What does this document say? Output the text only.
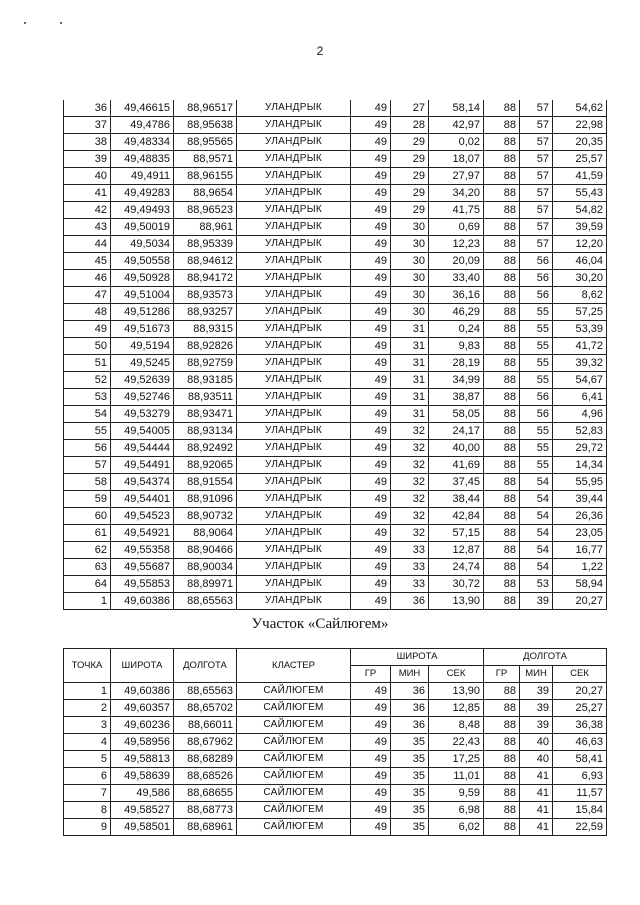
2
36	49,46615	88,96517	УЛАНДРЫК	49	27	58,14	88	57	54,62
37	49,4786	88,95638	УЛАНДРЫК	49	28	42,97	88	57	22,98
38	49,48334	88,95565	УЛАНДРЫК	49	29	0,02	88	57	20,35
39	49,48835	88,9571	УЛАНДРЫК	49	29	18,07	88	57	25,57
40	49,4911	88,96155	УЛАНДРЫК	49	29	27,97	88	57	41,59
41	49,49283	88,9654	УЛАНДРЫК	49	29	34,20	88	57	55,43
42	49,49493	88,96523	УЛАНДРЫК	49	29	41,75	88	57	54,82
43	49,50019	88,961	УЛАНДРЫК	49	30	0,69	88	57	39,59
44	49,5034	88,95339	УЛАНДРЫК	49	30	12,23	88	57	12,20
45	49,50558	88,94612	УЛАНДРЫК	49	30	20,09	88	56	46,04
46	49,50928	88,94172	УЛАНДРЫК	49	30	33,40	88	56	30,20
47	49,51004	88,93573	УЛАНДРЫК	49	30	36,16	88	56	8,62
48	49,51286	88,93257	УЛАНДРЫК	49	30	46,29	88	55	57,25
49	49,51673	88,9315	УЛАНДРЫК	49	31	0,24	88	55	53,39
50	49,5194	88,92826	УЛАНДРЫК	49	31	9,83	88	55	41,72
51	49,5245	88,92759	УЛАНДРЫК	49	31	28,19	88	55	39,32
52	49,52639	88,93185	УЛАНДРЫК	49	31	34,99	88	55	54,67
53	49,52746	88,93511	УЛАНДРЫК	49	31	38,87	88	56	6,41
54	49,53279	88,93471	УЛАНДРЫК	49	31	58,05	88	56	4,96
55	49,54005	88,93134	УЛАНДРЫК	49	32	24,17	88	55	52,83
56	49,54444	88,92492	УЛАНДРЫК	49	32	40,00	88	55	29,72
57	49,54491	88,92065	УЛАНДРЫК	49	32	41,69	88	55	14,34
58	49,54374	88,91554	УЛАНДРЫК	49	32	37,45	88	54	55,95
59	49,54401	88,91096	УЛАНДРЫК	49	32	38,44	88	54	39,44
60	49,54523	88,90732	УЛАНДРЫК	49	32	42,84	88	54	26,36
61	49,54921	88,9064	УЛАНДРЫК	49	32	57,15	88	54	23,05
62	49,55358	88,90466	УЛАНДРЫК	49	33	12,87	88	54	16,77
63	49,55687	88,90034	УЛАНДРЫК	49	33	24,74	88	54	1,22
64	49,55853	88,89971	УЛАНДРЫК	49	33	30,72	88	53	58,94
1	49,60386	88,65563	УЛАНДРЫК	49	36	13,90	88	39	20,27
Участок «Сайлюгем»
ТОЧКА	ШИРОТА	ДОЛГОТА	КЛАСТЕР	ШИРОТА			ДОЛГОТА		
				ГР	МИН	СЕК	ГР	МИН	СЕК
1	49,60386	88,65563	САЙЛЮГЕМ	49	36	13,90	88	39	20,27
2	49,60357	88,65702	САЙЛЮГЕМ	49	36	12,85	88	39	25,27
3	49,60236	88,66011	САЙЛЮГЕМ	49	36	8,48	88	39	36,38
4	49,58956	88,67962	САЙЛЮГЕМ	49	35	22,43	88	40	46,63
5	49,58813	88,68289	САЙЛЮГЕМ	49	35	17,25	88	40	58,41
6	49,58639	88,68526	САЙЛЮГЕМ	49	35	11,01	88	41	6,93
7	49,586	88,68655	САЙЛЮГЕМ	49	35	9,59	88	41	11,57
8	49,58527	88,68773	САЙЛЮГЕМ	49	35	6,98	88	41	15,84
9	49,58501	88,68961	САЙЛЮГЕМ	49	35	6,02	88	41	22,59
